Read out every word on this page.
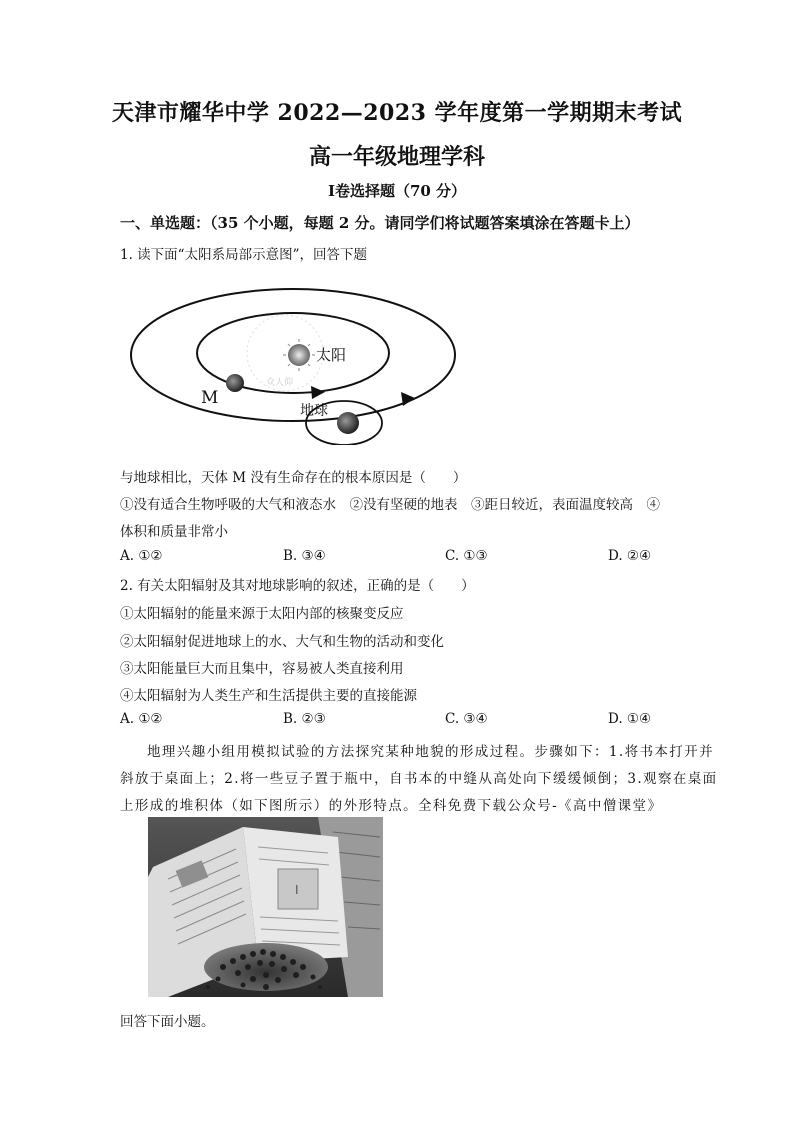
天津市耀华中学 2022—2023 学年度第一学期期末考试
高一年级地理学科
Ⅰ卷选择题（70 分）
一、单选题：（35 个小题，每题 2 分。请同学们将试题答案填涂在答题卡上）
1. 读下面“太阳系局部示意图”，回答下题
众人仰
太阳
M
地球
与地球相比，天体 M 没有生命存在的根本原因是（　　）
①没有适合生物呼吸的大气和液态水　②没有坚硬的地表　③距日较近，表面温度较高　④
体积和质量非常小
A. ①②	B. ③④	C. ①③	D. ②④
2. 有关太阳辐射及其对地球影响的叙述，正确的是（　　）
①太阳辐射的能量来源于太阳内部的核聚变反应
②太阳辐射促进地球上的水、大气和生物的活动和变化
③太阳能量巨大而且集中，容易被人类直接利用
④太阳辐射为人类生产和生活提供主要的直接能源
A. ①②	B. ②③	C. ③④	D. ①④
地理兴趣小组用模拟试验的方法探究某种地貌的形成过程。步骤如下：1.将书本打开并
斜放于桌面上；2.将一些豆子置于瓶中，自书本的中缝从高处向下缓缓倾倒；3.观察在桌面
上形成的堆积体（如下图所示）的外形特点。全科免费下载公众号-《高中僧课堂》
I
回答下面小题。
